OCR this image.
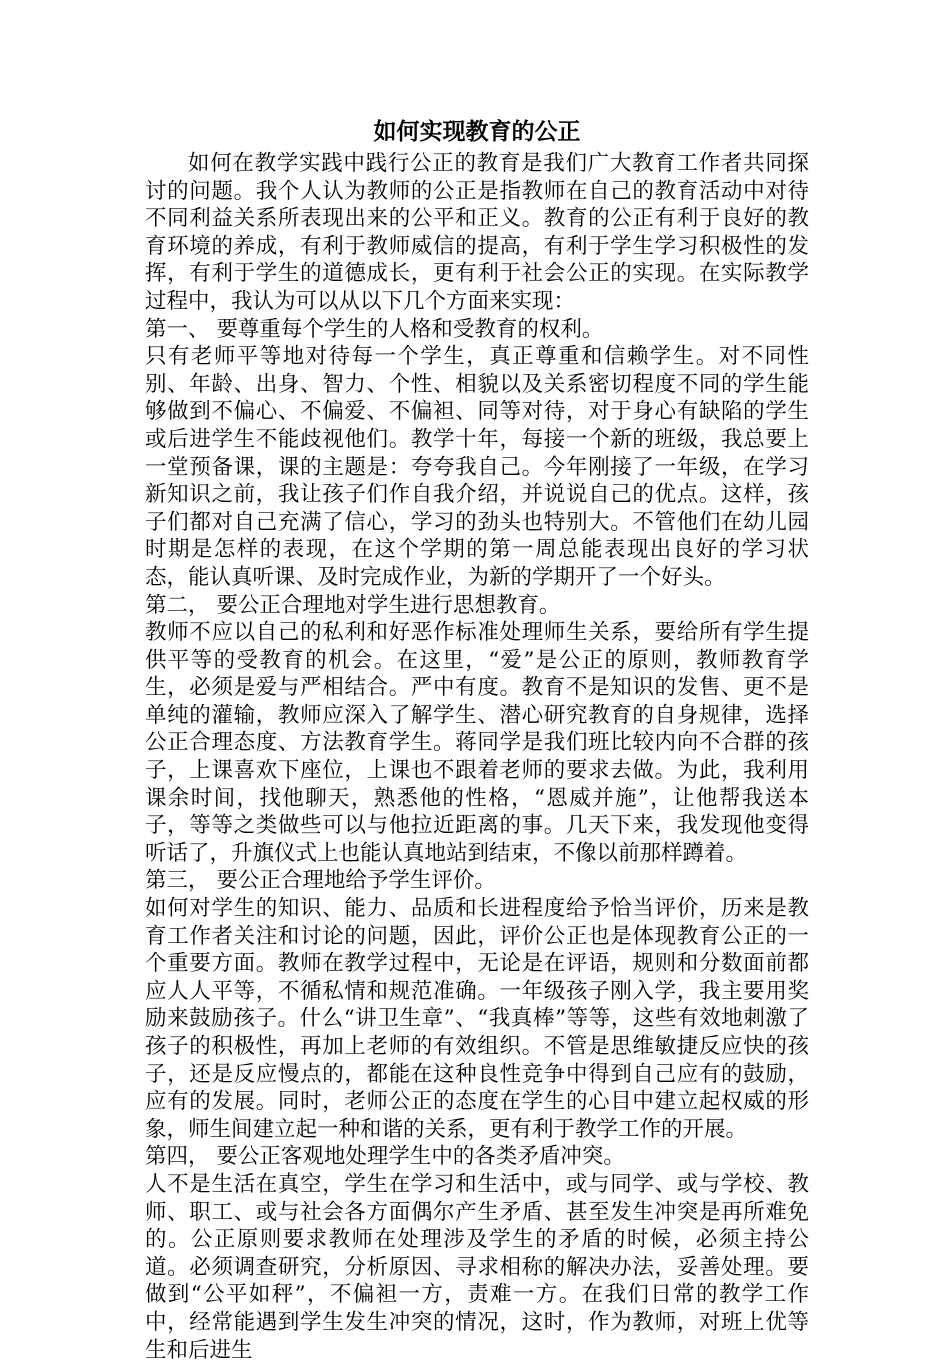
如何实现教育的公正

如何在教学实践中践行公正的教育是我们广大教育工作者共同探讨的问题。我个人认为教师的公正是指教师在自己的教育活动中对待不同利益关系所表现出来的公平和正义。教育的公正有利于良好的教育环境的养成，有利于教师威信的提高，有利于学生学习积极性的发挥，有利于学生的道德成长，更有利于社会公正的实现。在实际教学过程中，我认为可以从以下几个方面来实现：

第一、 要尊重每个学生的人格和受教育的权利。

只有老师平等地对待每一个学生，真正尊重和信赖学生。对不同性别、年龄、出身、智力、个性、相貌以及关系密切程度不同的学生能够做到不偏心、不偏爱、不偏袒、同等对待，对于身心有缺陷的学生或后进学生不能歧视他们。教学十年，每接一个新的班级，我总要上一堂预备课，课的主题是：夸夸我自己。今年刚接了一年级，在学习新知识之前，我让孩子们作自我介绍，并说说自己的优点。这样，孩子们都对自己充满了信心，学习的劲头也特别大。不管他们在幼儿园时期是怎样的表现，在这个学期的第一周总能表现出良好的学习状态，能认真听课、及时完成作业，为新的学期开了一个好头。

第二， 要公正合理地对学生进行思想教育。

教师不应以自己的私利和好恶作标准处理师生关系，要给所有学生提供平等的受教育的机会。在这里，“爱”是公正的原则，教师教育学生，必须是爱与严相结合。严中有度。教育不是知识的发售、更不是单纯的灌输，教师应深入了解学生、潜心研究教育的自身规律，选择公正合理态度、方法教育学生。蒋同学是我们班比较内向不合群的孩子，上课喜欢下座位，上课也不跟着老师的要求去做。为此，我利用课余时间，找他聊天，熟悉他的性格，“恩威并施”，让他帮我送本子，等等之类做些可以与他拉近距离的事。几天下来，我发现他变得听话了，升旗仪式上也能认真地站到结束，不像以前那样蹲着。

第三， 要公正合理地给予学生评价。

如何对学生的知识、能力、品质和长进程度给予恰当评价，历来是教育工作者关注和讨论的问题，因此，评价公正也是体现教育公正的一个重要方面。教师在教学过程中，无论是在评语，规则和分数面前都应人人平等，不循私情和规范准确。一年级孩子刚入学，我主要用奖励来鼓励孩子。什么“讲卫生章”、“我真棒”等等，这些有效地刺激了孩子的积极性，再加上老师的有效组织。不管是思维敏捷反应快的孩子，还是反应慢点的，都能在这种良性竞争中得到自己应有的鼓励，应有的发展。同时，老师公正的态度在学生的心目中建立起权威的形象，师生间建立起一种和谐的关系，更有利于教学工作的开展。

第四， 要公正客观地处理学生中的各类矛盾冲突。

人不是生活在真空，学生在学习和生活中，或与同学、或与学校、教师、职工、或与社会各方面偶尔产生矛盾、甚至发生冲突是再所难免的。公正原则要求教师在处理涉及学生的矛盾的时候，必须主持公道。必须调查研究，分析原因、寻求相称的解决办法，妥善处理。要做到“公平如秤”，不偏袒一方，责难一方。在我们日常的教学工作中，经常能遇到学生发生冲突的情况，这时，作为教师，对班上优等生和后进生
